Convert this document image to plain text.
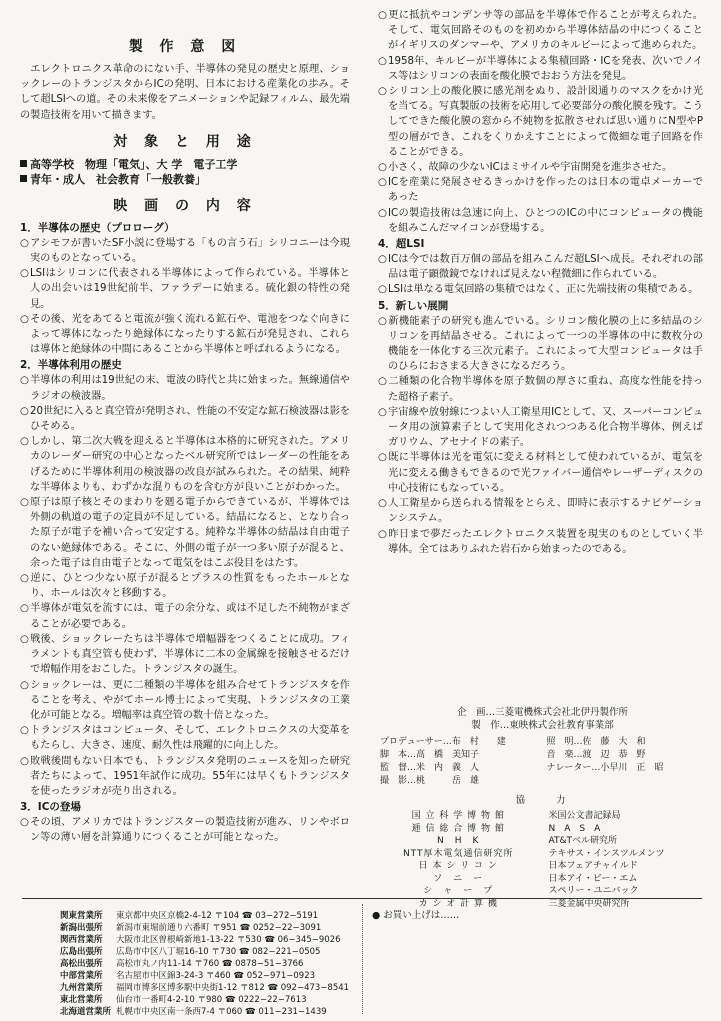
製 作 意 図

エレクトロニクス革命のにない手、半導体の発見の歴史と原理、ショックレーのトランジスタからICの発明、日本における産業化の歩み。そして超LSIへの道。その未来像をアニメーションや記録フィルム、最先端の製造技術を用いて描きます。

対 象 と 用 途

高等学校　物理「電気」、大 学　電子工学

青年・成人　社会教育「一般教養」

映 画 の 内 容
1．半導体の歴史（プロローグ）

○アシモフが書いたSF小説に登場する「もの言う石」シリコニーは今現実のものとなっている。

○LSIはシリコンに代表される半導体によって作られている。半導体と人の出会いは19世紀前半、ファラデーに始まる。硫化銀の特性の発見。

○その後、光をあてると電流が強く流れる鉱石や、電池をつなぐ向きによって導体になったり絶縁体になったりする鉱石が発見され、これらは導体と絶縁体の中間にあることから半導体と呼ばれるようになる。

2．半導体利用の歴史

○半導体の利用は19世紀の末、電波の時代と共に始まった。無線通信やラジオの検波器。

○20世紀に入ると真空管が発明され、性能の不安定な鉱石検波器は影をひそめる。

○しかし、第二次大戦を迎えると半導体は本格的に研究された。アメリカのレーダー研究の中心となったベル研究所ではレーダーの性能をあげるために半導体利用の検波器の改良が試みられた。その結果、純粋な半導体よりも、わずかな混りものを含む方が良いことがわかった。

○原子は原子核とそのまわりを廻る電子からできているが、半導体では外側の軌道の電子の定員が不足している。結晶になると、となり合った原子が電子を補い合って安定する。純粋な半導体の結晶は自由電子のない絶縁体である。そこに、外側の電子が一つ多い原子が混ると、余った電子は自由電子となって電気をはこぶ役目をはたす。

○逆に、ひとつ少ない原子が混るとプラスの性質をもったホールとなり、ホールは次々と移動する。

○半導体が電気を流すには、電子の余分な、或は不足した不純物がまざることが必要である。

○戦後、ショックレーたちは半導体で増幅器をつくることに成功。フィラメントも真空管も使わず、半導体に二本の金属線を接触させるだけで増幅作用をおこした。トランジスタの誕生。

○ショックレーは、更に二種類の半導体を組み合せてトランジスタを作ることを考え、やがてホール博士によって実現、トランジスタの工業化が可能となる。増幅率は真空管の数十倍となった。

○トランジスタはコンピュータ、そして、エレクトロニクスの大変革をもたらし、大きさ、速度、耐久性は飛躍的に向上した。

○敗戦後間もない日本でも、トランジスタ発明のニュースを知った研究者たちによって、1951年試作に成功。55年には早くもトランジスタを使ったラジオが売り出される。

3．ICの登場

○その頃、アメリカではトランジスターの製造技術が進み、リンやボロン等の薄い層を計算通りにつくることが可能となった。

○更に抵抗やコンデンサ等の部品を半導体で作ることが考えられた。そして、電気回路そのものを初めから半導体結晶の中につくることがイギリスのダンマーや、アメリカのキルビーによって進められた。

○1958年、キルビーが半導体による集積回路・ICを発表、次いでノイス等はシリコンの表面を酸化膜でおおう方法を発見。

○シリコン上の酸化膜に感光剤をぬり、設計図通りのマスクをかけ光を当てる。写真製版の技術を応用して必要部分の酸化膜を残す。こうしてできた酸化膜の窓から不純物を拡散させれば思い通りにN型やP型の層ができ、これをくりかえすことによって微細な電子回路を作ることができる。

○小さく、故障の少ないICはミサイルや宇宙開発を進歩させた。

○ICを産業に発展させるきっかけを作ったのは日本の電卓メーカーであった

○ICの製造技術は急速に向上、ひとつのICの中にコンピュータの機能を組みこんだマイコンが登場する。

4．超LSI

○ICは今では数百万個の部品を組みこんだ超LSIへ成長。それぞれの部品は電子顕微鏡でなければ見えない程微細に作られている。

○LSIは単なる電気回路の集積ではなく、正に先端技術の集積である。

5．新しい展開

○新機能素子の研究も進んでいる。シリコン酸化膜の上に多結晶のシリコンを再結晶させる。これによって一つの半導体の中に数枚分の機能を一体化する三次元素子。これによって大型コンピュータは手のひらにおさまる大きさになるだろう。

○二種類の化合物半導体を原子数個の厚さに重ね、高度な性能を持った超格子素子。

○宇宙線や放射線につよい人工衛星用ICとして、又、スーパーコンピュータ用の演算素子として実用化されつつある化合物半導体、例えばガリウム、アセナイドの素子。

○既に半導体は光を電気に変える材料として使われているが、電気を光に変える働きもできるので光ファイバー通信やレーザーディスクの中心技術にもなっている。

○人工衛星から送られる情報をとらえ、即時に表示するナビゲーションシステム。

○昨日まで夢だったエレクトロニクス装置を現実のものとしていく半導体。全てはありふれた岩石から始まったのである。

企　画…三菱電機株式会社北伊丹製作所
製　作…東映株式会社教育事業部
プロデューサー…布　村　　建	照　明…佐　藤　大　和
脚　本…高　橋　美知子	音　楽…渡　辺　恭　野
監　督…米　内　義　人	ナレーター…小早川　正　昭
撮　影…桃　　　岳　雄
協　　力
国 立 科 学 博 物 館	米国公文書記録局
逓 信 総 合 博 物 館	N　A　S　A
N　H　K	AT&Tベル研究所
NTT厚木電気通信研究所	テキサス・インスツルメンツ
日 本 シ リ コ ン	日本フェアチャイルド
ソ　ニ　ー	日本アイ・ビー・エム
シ　ャ　ー　プ	スペリー・ユニバック
カ シ オ 計 算 機	三菱金属中央研究所
関東営業所	東京都中央区京橋2-4-12 〒104 ☎ 03−272−5191
新潟出張所	新潟市東堀前通り六番町 〒951 ☎ 0252−22−3091
関西営業所	大阪市北区曽根崎新地1-13-22 〒530 ☎ 06−345−9026
広島出張所	広島市中区八丁堀16-10 〒730 ☎ 082−221−0505
高松出張所	高松市丸ノ内11-14 〒760 ☎ 0878−51−3766
中部営業所	名古屋市中区錦3-24-3 〒460 ☎ 052−971−0923
九州営業所	福岡市博多区博多駅中央街1-12 〒812 ☎ 092−473−8541
東北営業所	仙台市一番町4-2-10 〒980 ☎ 0222−22−7613
北海道営業所 札幌市中央区南一条西7-4 〒060 ☎ 011−231−1439
● お買い上げは……
